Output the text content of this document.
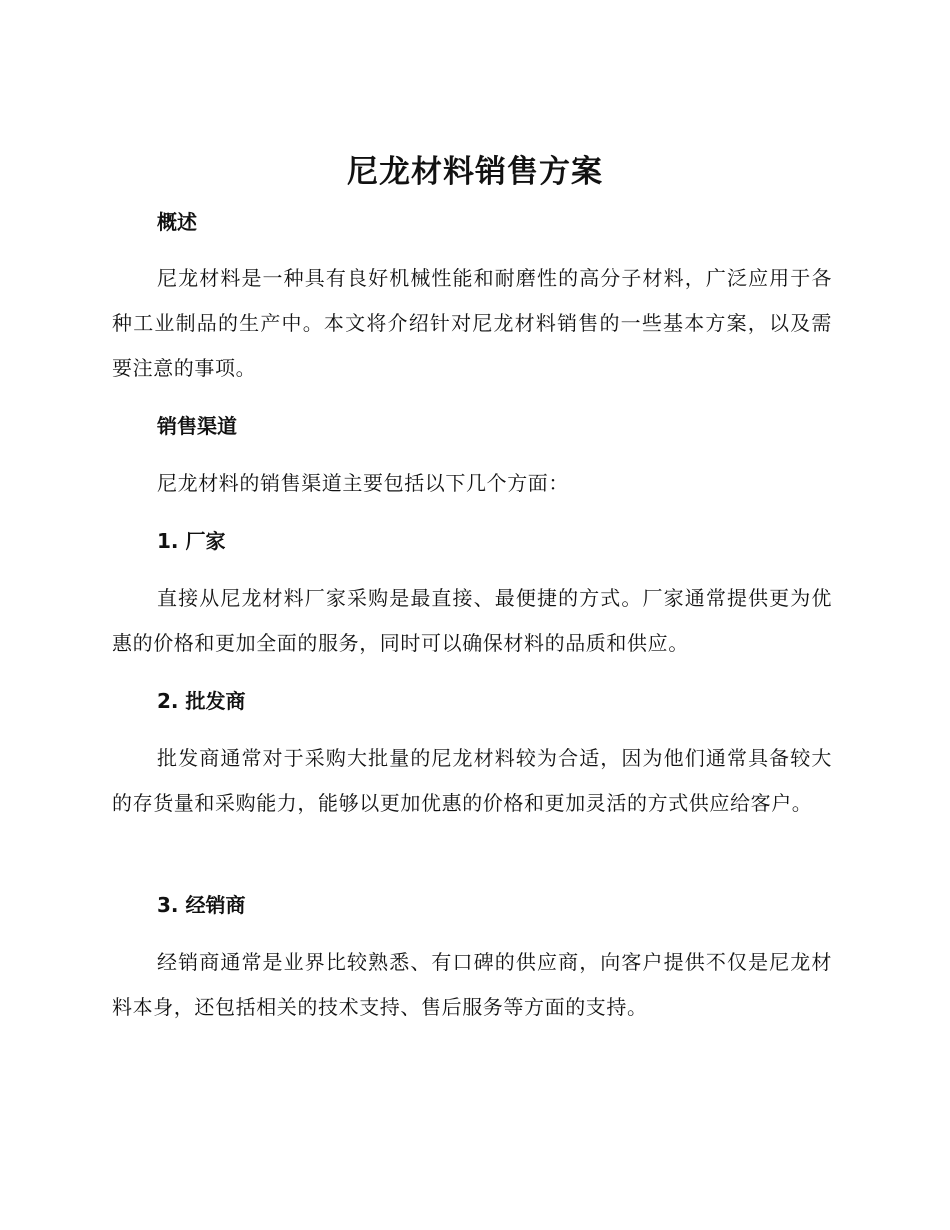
尼龙材料销售方案
概述
尼龙材料是一种具有良好机械性能和耐磨性的高分子材料，广泛应用于各种工业制品的生产中。本文将介绍针对尼龙材料销售的一些基本方案，以及需要注意的事项。
销售渠道
尼龙材料的销售渠道主要包括以下几个方面：
1. 厂家
直接从尼龙材料厂家采购是最直接、最便捷的方式。厂家通常提供更为优惠的价格和更加全面的服务，同时可以确保材料的品质和供应。
2. 批发商
批发商通常对于采购大批量的尼龙材料较为合适，因为他们通常具备较大的存货量和采购能力，能够以更加优惠的价格和更加灵活的方式供应给客户。
3. 经销商
经销商通常是业界比较熟悉、有口碑的供应商，向客户提供不仅是尼龙材料本身，还包括相关的技术支持、售后服务等方面的支持。
